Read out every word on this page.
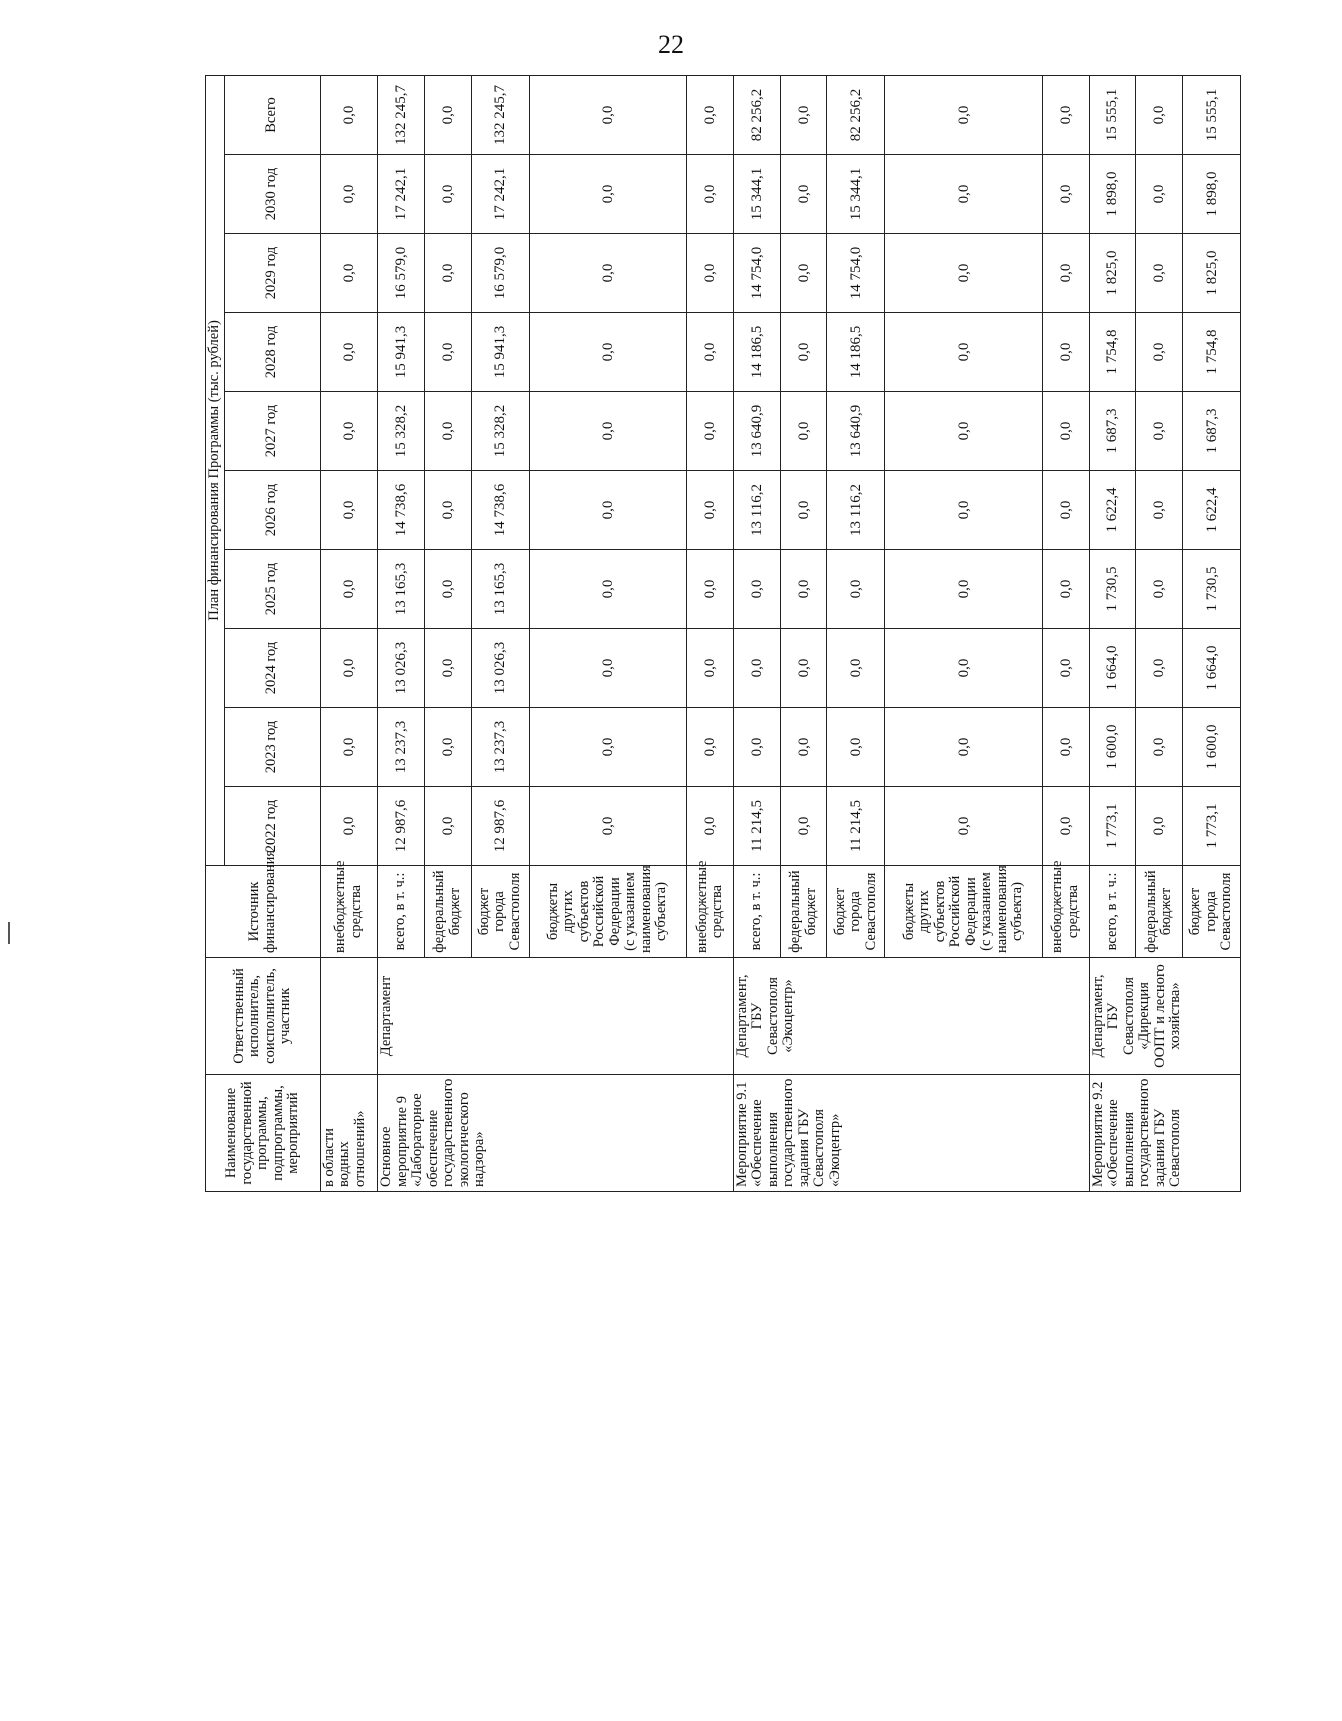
22
Наименование государственной программы, подпрограммы, мероприятий	Ответственный исполнитель, соисполнитель, участник	Источник финансирования	План финансирования Программы (тыс. рублей)									
			2022 год	2023 год	2024 год	2025 год	2026 год	2027 год	2028 год	2029 год	2030 год	Всего
в области водных отношений»		внебюджетные средства	0,0	0,0	0,0	0,0	0,0	0,0	0,0	0,0	0,0	0,0
Основное мероприятие 9 «Лабораторное обеспечение государственного экологического надзора»	Департамент	всего, в т. ч.:	12 987,6	13 237,3	13 026,3	13 165,3	14 738,6	15 328,2	15 941,3	16 579,0	17 242,1	132 245,7
		федеральный бюджет	0,0	0,0	0,0	0,0	0,0	0,0	0,0	0,0	0,0	0,0
		бюджет города Севастополя	12 987,6	13 237,3	13 026,3	13 165,3	14 738,6	15 328,2	15 941,3	16 579,0	17 242,1	132 245,7
		бюджеты других субъектов Российской Федерации (с указанием наименования субъекта)	0,0	0,0	0,0	0,0	0,0	0,0	0,0	0,0	0,0	0,0
		внебюджетные средства	0,0	0,0	0,0	0,0	0,0	0,0	0,0	0,0	0,0	0,0
Мероприятие 9.1 «Обеспечение выполнения государственного задания ГБУ Севастополя «Экоцентр»	Департамент, ГБУ Севастополя «Экоцентр»	всего, в т. ч.:	11 214,5	0,0	0,0	0,0	13 116,2	13 640,9	14 186,5	14 754,0	15 344,1	82 256,2
		федеральный бюджет	0,0	0,0	0,0	0,0	0,0	0,0	0,0	0,0	0,0	0,0
		бюджет города Севастополя	11 214,5	0,0	0,0	0,0	13 116,2	13 640,9	14 186,5	14 754,0	15 344,1	82 256,2
		бюджеты других субъектов Российской Федерации (с указанием наименования субъекта)	0,0	0,0	0,0	0,0	0,0	0,0	0,0	0,0	0,0	0,0
		внебюджетные средства	0,0	0,0	0,0	0,0	0,0	0,0	0,0	0,0	0,0	0,0
Мероприятие 9.2 «Обеспечение выполнения государственного задания ГБУ Севастополя	Департамент, ГБУ Севастополя «Дирекция ООПТ и лесного хозяйства»	всего, в т. ч.:	1 773,1	1 600,0	1 664,0	1 730,5	1 622,4	1 687,3	1 754,8	1 825,0	1 898,0	15 555,1
		федеральный бюджет	0,0	0,0	0,0	0,0	0,0	0,0	0,0	0,0	0,0	0,0
		бюджет города Севастополя	1 773,1	1 600,0	1 664,0	1 730,5	1 622,4	1 687,3	1 754,8	1 825,0	1 898,0	15 555,1
